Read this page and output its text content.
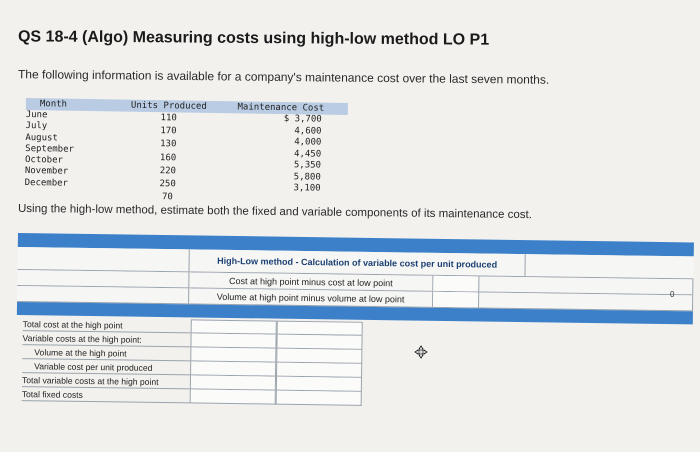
QS 18-4 (Algo) Measuring costs using high-low method LO P1
The following information is available for a company's maintenance cost over the last seven months.
Month	Units Produced	Maintenance Cost
June
July
August
September
October
November
December
110
170
130
160
220
250
70
$ 3,700
4,600
4,000
4,450
5,350
5,800
3,100
Using the high-low method, estimate both the fixed and variable components of its maintenance cost.
High-Low method - Calculation of variable cost per unit produced
Cost at high point minus cost at low point
Volume at high point minus volume at low point
Total cost at the high point
Variable costs at the high point:
Volume at the high point
Variable cost per unit produced
Total variable costs at the high point
Total fixed costs
0
